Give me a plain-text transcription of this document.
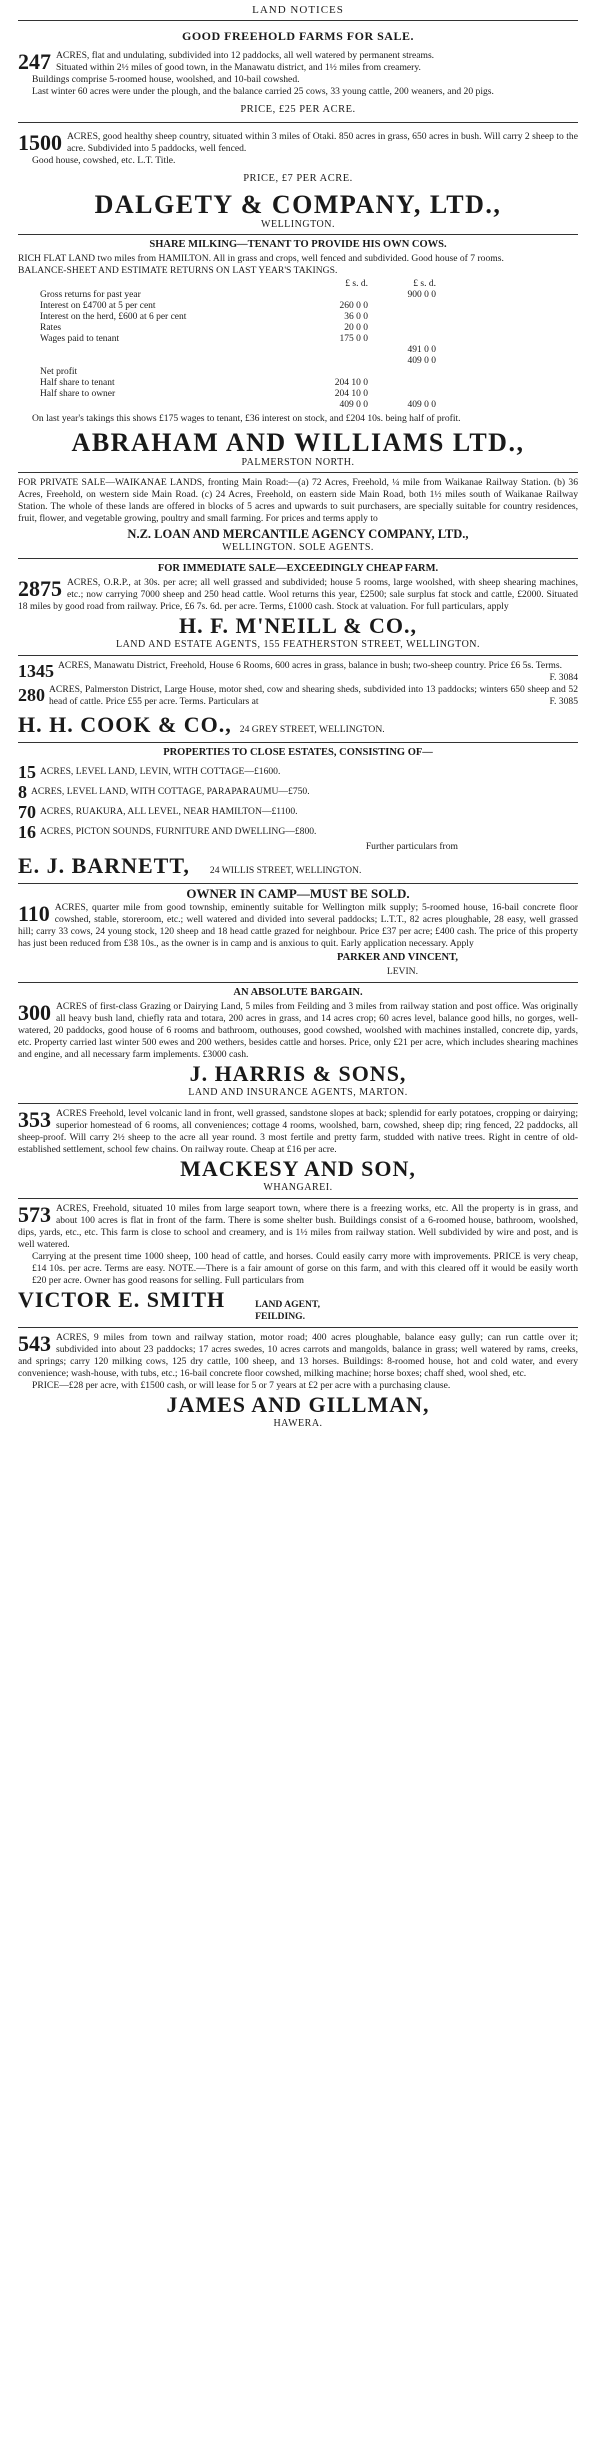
LAND NOTICES
GOOD FREEHOLD FARMS FOR SALE.
247 ACRES, flat and undulating, subdivided into 12 paddocks, all well watered by permanent streams.

Situated within 2½ miles of good town, in the Manawatu district, and 1½ miles from creamery.

Buildings comprise 5-roomed house, woolshed, and 10-bail cowshed.

Last winter 60 acres were under the plough, and the balance carried 25 cows, 33 young cattle, 200 weaners, and 20 pigs.

PRICE, £25 PER ACRE.
1500 ACRES, good healthy sheep country, situated within 3 miles of Otaki. 850 acres in grass, 650 acres in bush. Will carry 2 sheep to the acre. Subdivided into 5 paddocks, well fenced.

Good house, cowshed, etc. L.T. Title.

PRICE, £7 PER ACRE.
DALGETY & COMPANY, LTD.,
WELLINGTON.
SHARE MILKING—TENANT TO PROVIDE HIS OWN COWS.

RICH FLAT LAND two miles from HAMILTON. All in grass and crops, well fenced and subdivided. Good house of 7 rooms.

BALANCE-SHEET AND ESTIMATE RETURNS ON LAST YEAR'S TAKINGS.

	£ s. d.	£ s. d.
Gross returns for past year		900 0 0
Interest on £4700 at 5 per cent	260 0 0	
Interest on the herd, £600 at 6 per cent	36 0 0	
Rates	20 0 0	
Wages paid to tenant	175 0 0	
		491 0 0
		409 0 0
Net profit		
Half share to tenant	204 10 0	
Half share to owner	204 10 0	
	409 0 0	409 0 0

On last year's takings this shows £175 wages to tenant, £36 interest on stock, and £204 10s. being half of profit.

ABRAHAM AND WILLIAMS LTD.,
PALMERSTON NORTH.

FOR PRIVATE SALE—WAIKANAE LANDS, fronting Main Road:—(a) 72 Acres, Freehold, ¼ mile from Waikanae Railway Station. (b) 36 Acres, Freehold, on western side Main Road. (c) 24 Acres, Freehold, on eastern side Main Road, both 1½ miles south of Waikanae Railway Station. The whole of these lands are offered in blocks of 5 acres and upwards to suit purchasers, are specially suitable for country residences, fruit, flower, and vegetable growing, poultry and small farming. For prices and terms apply to

N.Z. LOAN AND MERCANTILE AGENCY COMPANY, LTD.,
WELLINGTON. SOLE AGENTS.
FOR IMMEDIATE SALE—EXCEEDINGLY CHEAP FARM.
2875 ACRES, O.R.P., at 30s. per acre; all well grassed and subdivided; house 5 rooms, large woolshed, with sheep shearing machines, etc.; now carrying 7000 sheep and 250 head cattle. Wool returns this year, £2500; sale surplus fat stock and cattle, £2000. Situated 18 miles by good road from railway. Price, £6 7s. 6d. per acre. Terms, £1000 cash. Stock at valuation. For full particulars, apply

H. F. M'NEILL & CO.,
LAND AND ESTATE AGENTS, 155 FEATHERSTON STREET, WELLINGTON.
1345 ACRES, Manawatu District, Freehold, House 6 Rooms, 600 acres in grass, balance in bush; two-sheep country. Price £6 5s. Terms.
F. 3084

280 ACRES, Palmerston District, Large House, motor shed, cow and shearing sheds, subdivided into 13 paddocks; winters 650 sheep and 52 head of cattle. Price £55 per acre. Terms. Particulars at	F. 3085

H. H. COOK & CO., 24 GREY STREET, WELLINGTON.
PROPERTIES TO CLOSE ESTATES, CONSISTING OF—
15 ACRES, LEVEL LAND, LEVIN, WITH COTTAGE—£1600.

8 ACRES, LEVEL LAND, WITH COTTAGE, PARAPARAUMU—£750.

70 ACRES, RUAKURA, ALL LEVEL, NEAR HAMILTON—£1100.

16 ACRES, PICTON SOUNDS, FURNITURE AND DWELLING—£800.

Further particulars from
E. J. BARNETT, 24 WILLIS STREET, WELLINGTON.
OWNER IN CAMP—MUST BE SOLD.
110 ACRES, quarter mile from good township, eminently suitable for Wellington milk supply; 5-roomed house, 16-bail concrete floor cowshed, stable, storeroom, etc.; well watered and divided into several paddocks; L.T.T., 82 acres ploughable, 28 easy, well grassed hill; carry 33 cows, 24 young stock, 120 sheep and 18 head cattle grazed for neighbour. Price £37 per acre; £400 cash. The price of this property has just been reduced from £38 10s., as the owner is in camp and is anxious to quit. Early application necessary. Apply

PARKER AND VINCENT,
LEVIN.
AN ABSOLUTE BARGAIN.
300 ACRES of first-class Grazing or Dairying Land, 5 miles from Feilding and 3 miles from railway station and post office. Was originally all heavy bush land, chiefly rata and totara, 200 acres in grass, and 14 acres crop; 60 acres level, balance good hills, no gorges, well-watered, 20 paddocks, good house of 6 rooms and bathroom, outhouses, good cowshed, woolshed with machines installed, concrete dip, yards, etc. Property carried last winter 500 ewes and 200 wethers, besides cattle and horses. Price, only £21 per acre, which includes shearing machines and engine, and all necessary farm implements. £3000 cash.

J. HARRIS & SONS,
LAND AND INSURANCE AGENTS, MARTON.
353 ACRES Freehold, level volcanic land in front, well grassed, sandstone slopes at back; splendid for early potatoes, cropping or dairying; superior homestead of 6 rooms, all conveniences; cottage 4 rooms, woolshed, barn, cowshed, sheep dip; ring fenced, 22 paddocks, all sheep-proof. Will carry 2½ sheep to the acre all year round. 3 most fertile and pretty farm, studded with native trees. Right in centre of old-established settlement, school few chains. On railway route. Cheap at £16 per acre.

MACKESY AND SON,
WHANGAREI.
573 ACRES, Freehold, situated 10 miles from large seaport town, where there is a freezing works, etc. All the property is in grass, and about 100 acres is flat in front of the farm. There is some shelter bush. Buildings consist of a 6-roomed house, bathroom, woolshed, dips, yards, etc., etc. This farm is close to school and creamery, and is 1½ miles from railway station. Well subdivided by wire and post, and is well watered.

Carrying at the present time 1000 sheep, 100 head of cattle, and horses. Could easily carry more with improvements. PRICE is very cheap, £14 10s. per acre. Terms are easy. NOTE.—There is a fair amount of gorse on this farm, and with this cleared off it would be easily worth £20 per acre. Owner has good reasons for selling. Full particulars from

VICTOR E. SMITH	LAND AGENT,
FEILDING.
543 ACRES, 9 miles from town and railway station, motor road; 400 acres ploughable, balance easy gully; can run cattle over it; subdivided into about 23 paddocks; 17 acres swedes, 10 acres carrots and mangolds, balance in grass; well watered by rams, creeks, and springs; carry 120 milking cows, 125 dry cattle, 100 sheep, and 13 horses. Buildings: 8-roomed house, hot and cold water, and every convenience; wash-house, with tubs, etc.; 16-bail concrete floor cowshed, milking machine; horse boxes; chaff shed, wool shed, etc.

PRICE—£28 per acre, with £1500 cash, or will lease for 5 or 7 years at £2 per acre with a purchasing clause.

JAMES AND GILLMAN,
HAWERA.
